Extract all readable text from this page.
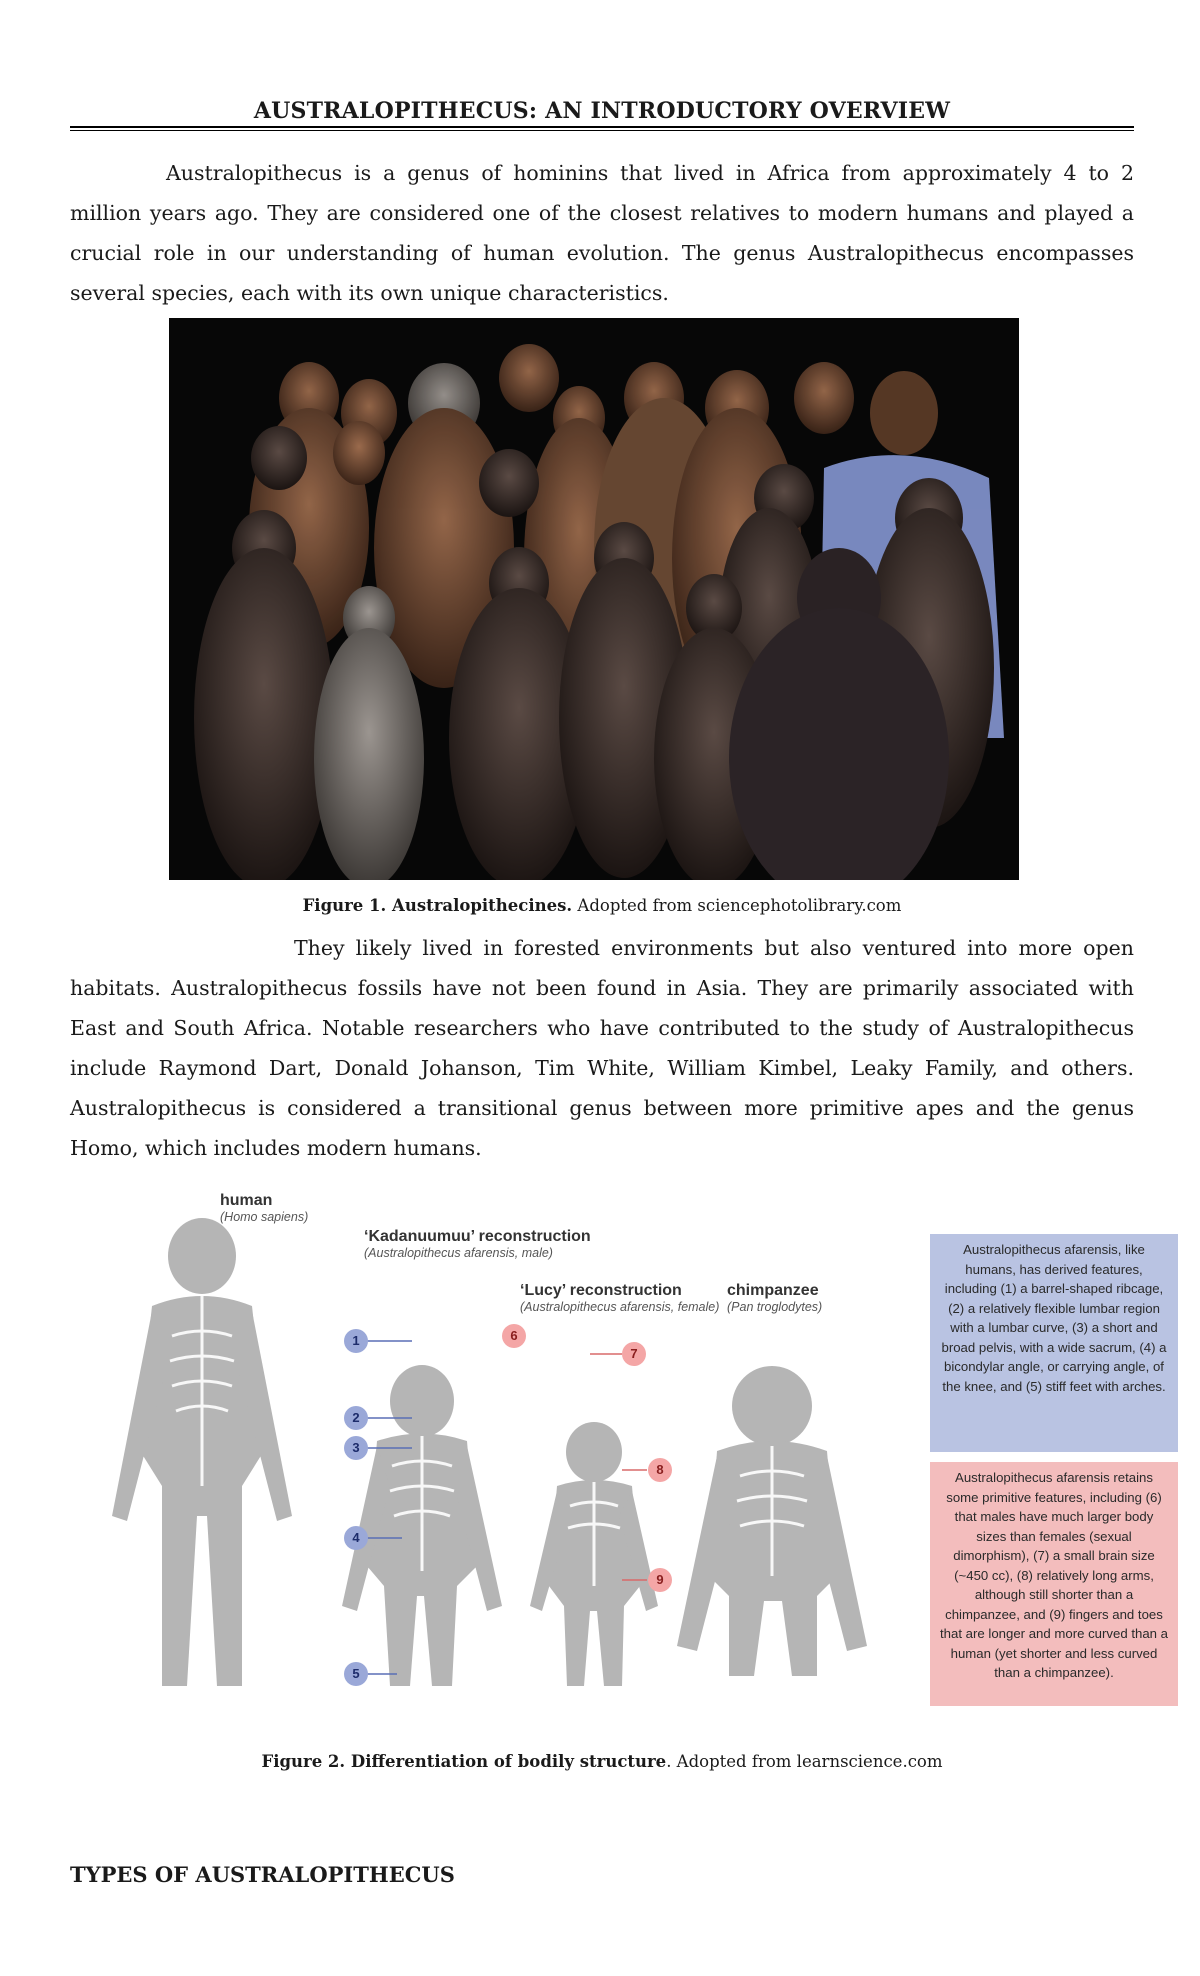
AUSTRALOPITHECUS: AN INTRODUCTORY OVERVIEW

Australopithecus is a genus of hominins that lived in Africa from approximately 4 to 2 million years ago. They are considered one of the closest relatives to modern humans and played a crucial role in our understanding of human evolution. The genus Australopithecus encompasses several species, each with its own unique characteristics.

Figure 1. Australopithecines. Adopted from sciencephotolibrary.com

They likely lived in forested environments but also ventured into more open habitats. Australopithecus fossils have not been found in Asia. They are primarily associated with East and South Africa. Notable researchers who have contributed to the study of Australopithecus include Raymond Dart, Donald Johanson, Tim White, William Kimbel, Leaky Family, and others. Australopithecus is considered a transitional genus between more primitive apes and the genus Homo, which includes modern humans.

human
(Homo sapiens)
‘Kadanuumuu’ reconstruction
(Australopithecus afarensis, male)
‘Lucy’ reconstruction
(Australopithecus afarensis, female)
chimpanzee
(Pan troglodytes)
1
2
3
4
5
6
7
8
9
Australopithecus afarensis, like humans, has derived features, including (1) a barrel-shaped ribcage, (2) a relatively flexible lumbar region with a lumbar curve, (3) a short and broad pelvis, with a wide sacrum, (4) a bicondylar angle, or carrying angle, of the knee, and (5) stiff feet with arches.
Australopithecus afarensis retains some primitive features, including (6) that males have much larger body sizes than females (sexual dimorphism), (7) a small brain size (~450 cc), (8) relatively long arms, although still shorter than a chimpanzee, and (9) fingers and toes that are longer and more curved than a human (yet shorter and less curved than a chimpanzee).
Figure 2. Differentiation of bodily structure. Adopted from learnscience.com
TYPES OF AUSTRALOPITHECUS
